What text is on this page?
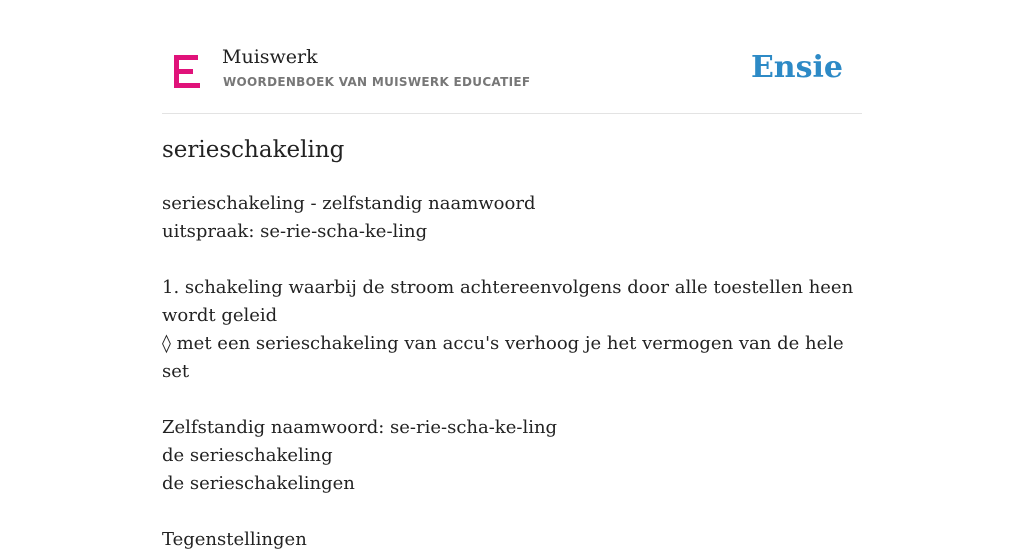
Muiswerk
WOORDENBOEK VAN MUISWERK EDUCATIEF	Ensie
serieschakeling
serieschakeling - zelfstandig naamwoord
uitspraak: se-rie-scha-ke-ling
1. schakeling waarbij de stroom achtereenvolgens door alle toestellen heen wordt geleid
◊ met een serieschakeling van accu's verhoog je het vermogen van de hele set
Zelfstandig naamwoord: se-rie-scha-ke-ling
de serieschakeling
de serieschakelingen
Tegenstellingen
